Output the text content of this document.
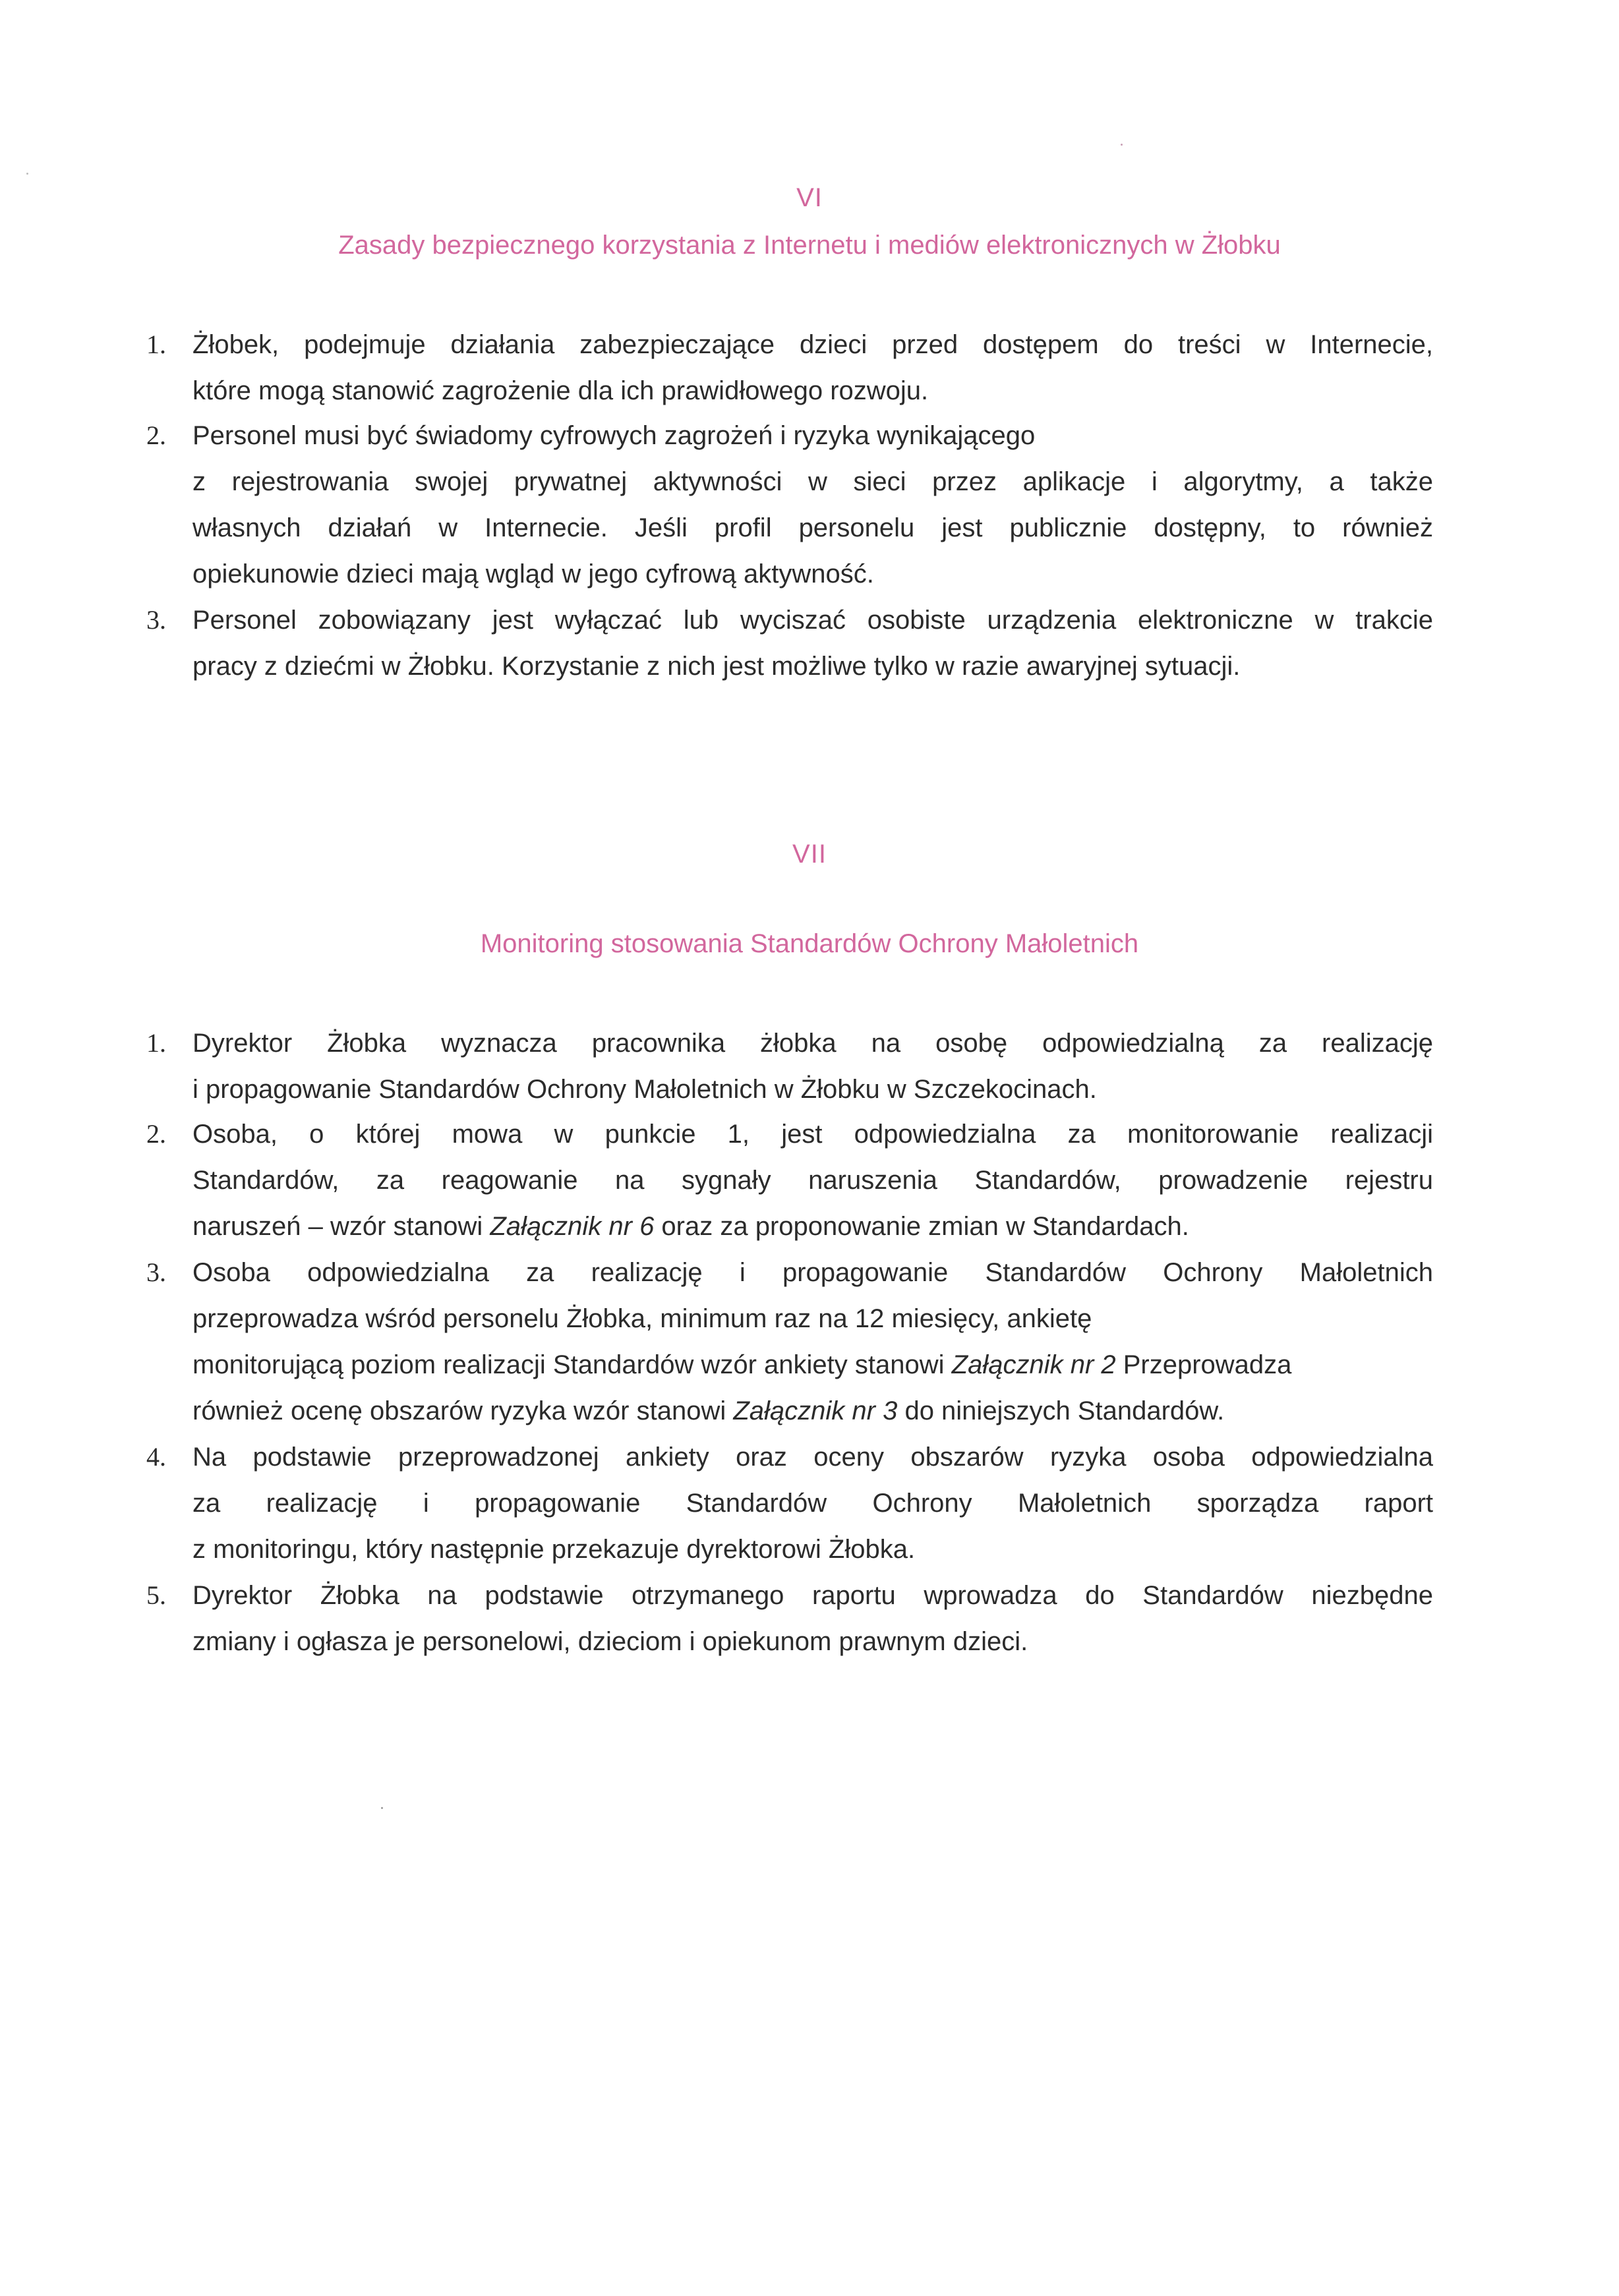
VI
Zasady bezpiecznego korzystania z Internetu i mediów elektronicznych w Żłobku
1.	Żłobek, podejmuje działania zabezpieczające dzieci przed dostępem do treści w Internecie,
które mogą stanowić zagrożenie dla ich prawidłowego rozwoju.
2.	Personel musi być świadomy cyfrowych zagrożeń i ryzyka wynikającego
z rejestrowania swojej prywatnej aktywności w sieci przez aplikacje i algorytmy, a także
własnych działań w Internecie. Jeśli profil personelu jest publicznie dostępny, to również
opiekunowie dzieci mają wgląd w jego cyfrową aktywność.
3.	Personel zobowiązany jest wyłączać lub wyciszać osobiste urządzenia elektroniczne w trakcie
pracy z dziećmi w Żłobku. Korzystanie z nich jest możliwe tylko w razie awaryjnej sytuacji.
VII
Monitoring stosowania Standardów Ochrony Małoletnich
1.	Dyrektor Żłobka wyznacza pracownika żłobka na osobę odpowiedzialną za realizację
i propagowanie Standardów Ochrony Małoletnich w Żłobku w Szczekocinach.
2.	Osoba, o której mowa w punkcie 1, jest odpowiedzialna za monitorowanie realizacji
Standardów, za reagowanie na sygnały naruszenia Standardów, prowadzenie rejestru
naruszeń – wzór stanowi Załącznik nr 6 oraz za proponowanie zmian w Standardach.
3.	Osoba odpowiedzialna za realizację i propagowanie Standardów Ochrony Małoletnich
przeprowadza wśród personelu Żłobka, minimum raz na 12 miesięcy, ankietę
monitorującą poziom realizacji Standardów wzór ankiety stanowi Załącznik nr 2 Przeprowadza
również ocenę obszarów ryzyka wzór stanowi Załącznik nr 3 do niniejszych Standardów.
4.	Na podstawie przeprowadzonej ankiety oraz oceny obszarów ryzyka osoba odpowiedzialna
za realizację i propagowanie Standardów Ochrony Małoletnich sporządza raport
z monitoringu, który następnie przekazuje dyrektorowi Żłobka.
5.	Dyrektor Żłobka na podstawie otrzymanego raportu wprowadza do Standardów niezbędne
zmiany i ogłasza je personelowi, dzieciom i opiekunom prawnym dzieci.
